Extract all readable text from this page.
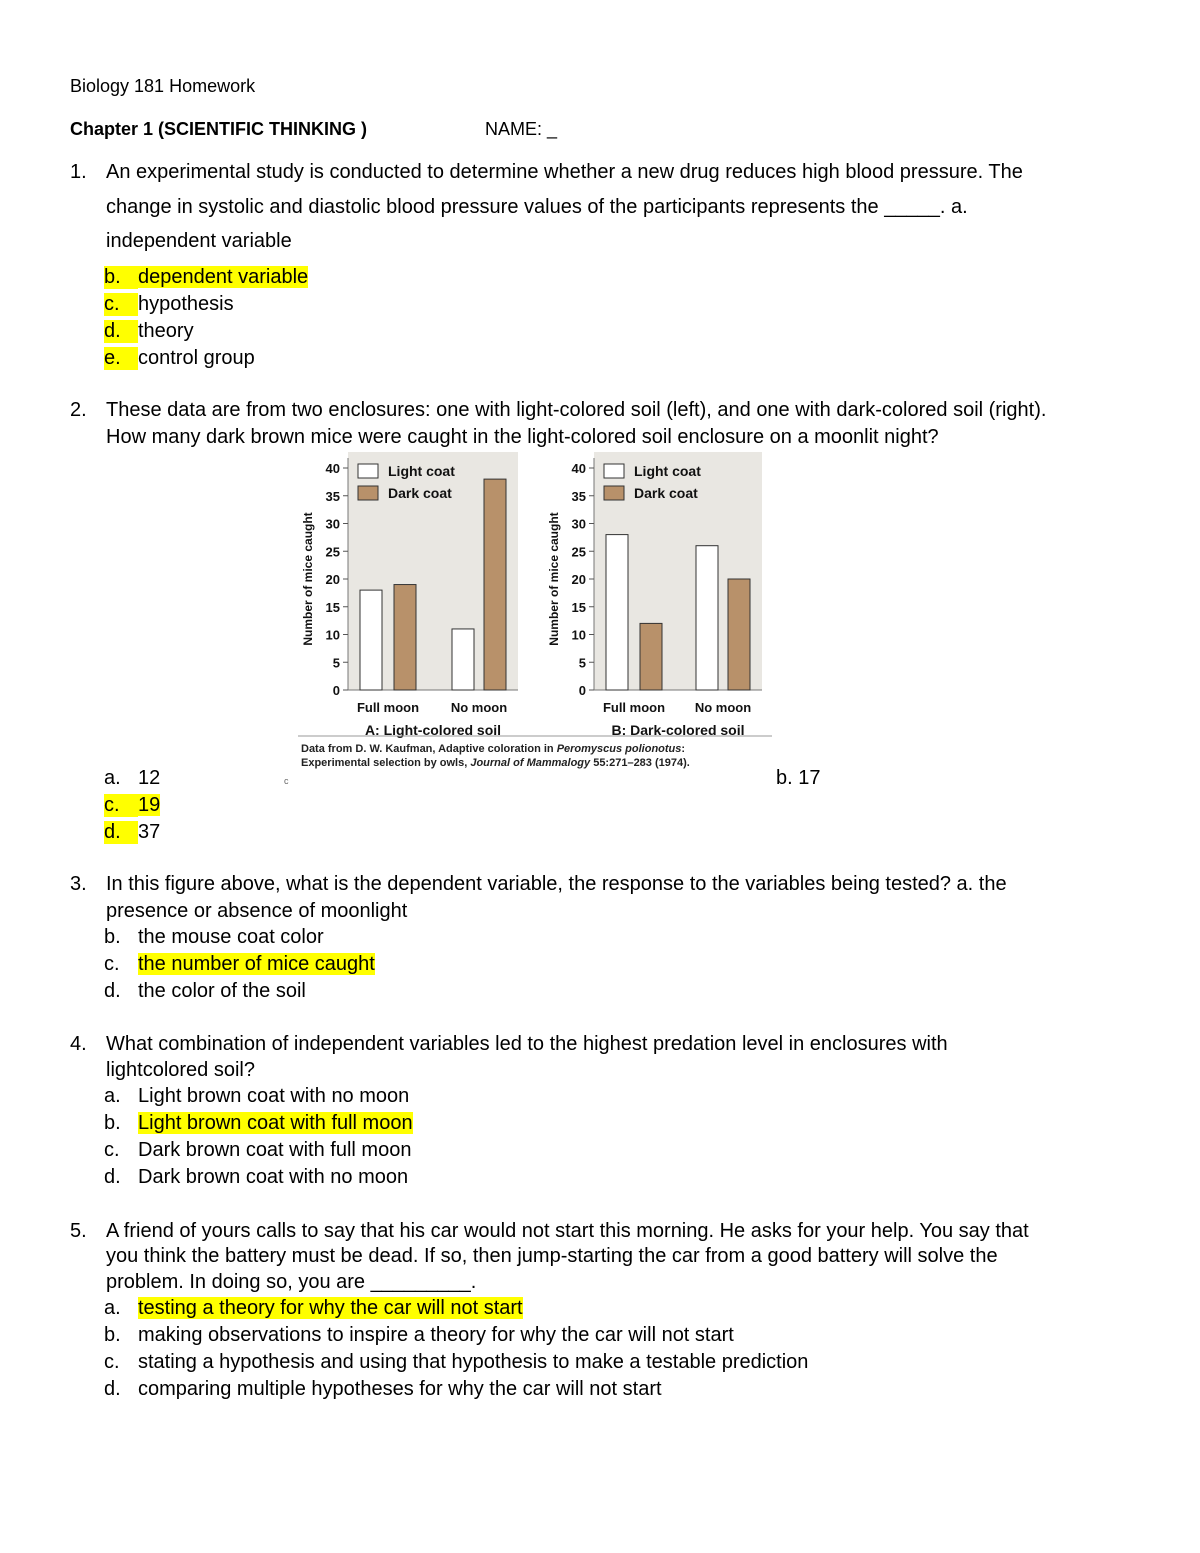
Biology 181 Homework
Chapter 1 (SCIENTIFIC THINKING )	NAME: _
1. An experimental study is conducted to determine whether a new drug reduces high blood pressure. The
change in systolic and diastolic blood pressure values of the participants represents the _____. a.
independent variable
b. dependent variable
c. hypothesis
d. theory
e. control group
2. These data are from two enclosures: one with light-colored soil (left), and one with dark-colored soil (right).
How many dark brown mice were caught in the light-colored soil enclosure on a moonlit night?
0
5
10
15
20
25
30
35
40
Number of mice caught
Full moon No moon
A: Light-colored soil
Light coat
Dark coat
0
5
10
15
20
25
30
35
40
Number of mice caught
Full moon No moon
B: Dark-colored soil
Light coat
Dark coat
Data from D. W. Kaufman, Adaptive coloration in Peromyscus polionotus:
Experimental selection by owls, Journal of Mammalogy 55:271–283 (1974).
c
a. 12	b. 17
c. 19
d. 37
3. In this figure above, what is the dependent variable, the response to the variables being tested? a. the
presence or absence of moonlight
b. the mouse coat color
c. the number of mice caught
d. the color of the soil
4. What combination of independent variables led to the highest predation level in enclosures with
lightcolored soil?
a. Light brown coat with no moon
b. Light brown coat with full moon
c. Dark brown coat with full moon
d. Dark brown coat with no moon
5. A friend of yours calls to say that his car would not start this morning. He asks for your help. You say that
you think the battery must be dead. If so, then jump-starting the car from a good battery will solve the
problem. In doing so, you are _________.
a. testing a theory for why the car will not start
b. making observations to inspire a theory for why the car will not start
c. stating a hypothesis and using that hypothesis to make a testable prediction
d. comparing multiple hypotheses for why the car will not start
